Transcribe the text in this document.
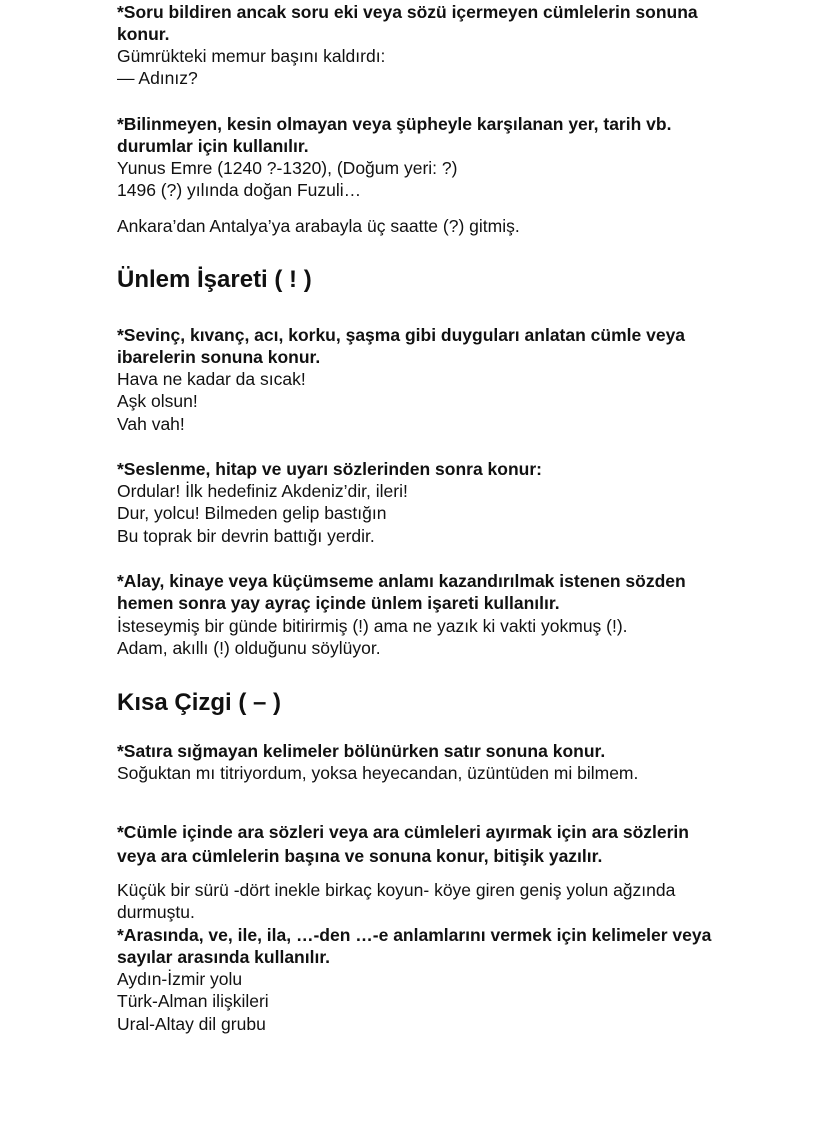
*Soru bildiren ancak soru eki veya sözü içermeyen cümlelerin sonuna
konur.
Gümrükteki memur başını kaldırdı:
— Adınız?
*Bilinmeyen, kesin olmayan veya şüpheyle karşılanan yer, tarih vb.
durumlar için kullanılır.
Yunus Emre (1240 ?-1320), (Doğum yeri: ?)
1496 (?) yılında doğan Fuzuli…
Ankara’dan Antalya’ya arabayla üç saatte (?) gitmiş.
Ünlem İşareti ( ! )
*Sevinç, kıvanç, acı, korku, şaşma gibi duyguları anlatan cümle veya
ibarelerin sonuna konur.
Hava ne kadar da sıcak!
Aşk olsun!
Vah vah!
*Seslenme, hitap ve uyarı sözlerinden sonra konur:
Ordular! İlk hedefiniz Akdeniz’dir, ileri!
Dur, yolcu! Bilmeden gelip bastığın
Bu toprak bir devrin battığı yerdir.
*Alay, kinaye veya küçümseme anlamı kazandırılmak istenen sözden
hemen sonra yay ayraç içinde ünlem işareti kullanılır.
İsteseymiş bir günde bitirirmiş (!) ama ne yazık ki vakti yokmuş (!).
Adam, akıllı (!) olduğunu söylüyor.
Kısa Çizgi ( – )
*Satıra sığmayan kelimeler bölünürken satır sonuna konur.
Soğuktan mı titriyordum, yoksa heyecandan, üzüntüden mi bilmem.
*Cümle içinde ara sözleri veya ara cümleleri ayırmak için ara sözlerin
veya ara cümlelerin başına ve sonuna konur, bitişik yazılır.
Küçük bir sürü -dört inekle birkaç koyun- köye giren geniş yolun ağzında
durmuştu.
*Arasında, ve, ile, ila, …-den …-e anlamlarını vermek için kelimeler veya
sayılar arasında kullanılır.
Aydın-İzmir yolu
Türk-Alman ilişkileri
Ural-Altay dil grubu
